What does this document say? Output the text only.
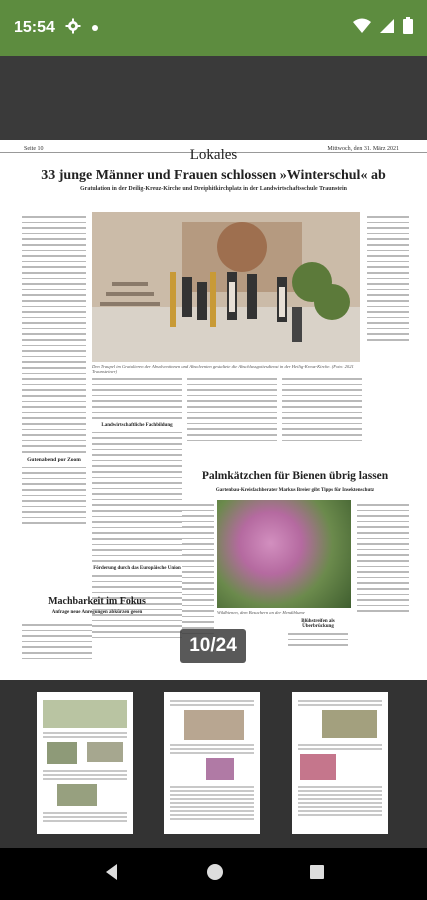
15:54
Seite 10	Mittwoch, den 31. März 2021
Lokales
33 junge Männer und Frauen schlossen »Winterschul« ab
Gratulation in der Deilig-Kreuz-Kirche und Dreiphitkirchplatz in der Landwirtschaftsschule Traunstein
Gutenabend por Zoom
Den Traupel im Gratulieren der Absolventinnen und Absolventen gestaltete die Abschlussgottesdienst in der Heilig-Kreuz-Kirche. (Foto: 2021 Traunsteiner)
Landwirtschaftliche Fachbildung
Förderung durch das Europäische Union
Palmkätzchen für Bienen übrig lassen
Gartenbau-Kreisfachberater Markus Breier gibt Tipps für Insektenschutz
Wildbienen, dem Besuchern an der Hendiblume
Machbarkeit im Fokus
Anfrage neue Anregungen abkürzen gesen
Blühstreifen als Überbrückung
10/24
